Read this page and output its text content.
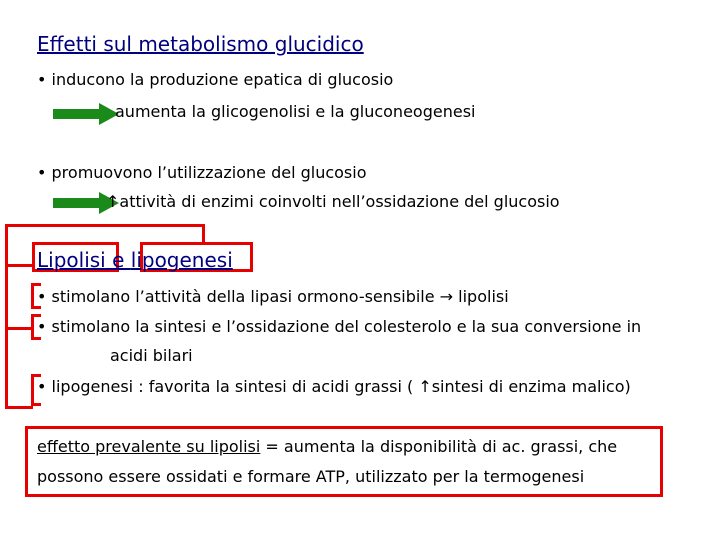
Effetti sul metabolismo glucidico
• inducono la produzione epatica di glucosio
aumenta la glicogenolisi e la gluconeogenesi
• promuovono l’utilizzazione del glucosio
↑attività di enzimi coinvolti nell’ossidazione del glucosio
Lipolisi e lipogenesi
• stimolano l’attività della lipasi ormono-sensibile → lipolisi
• stimolano la sintesi e l’ossidazione del colesterolo e la sua conversione in
acidi bilari
• lipogenesi : favorita la sintesi di acidi grassi ( ↑sintesi di enzima malico)
effetto prevalente su lipolisi = aumenta la disponibilità di ac. grassi, che
possono essere ossidati e formare ATP, utilizzato per la termogenesi
